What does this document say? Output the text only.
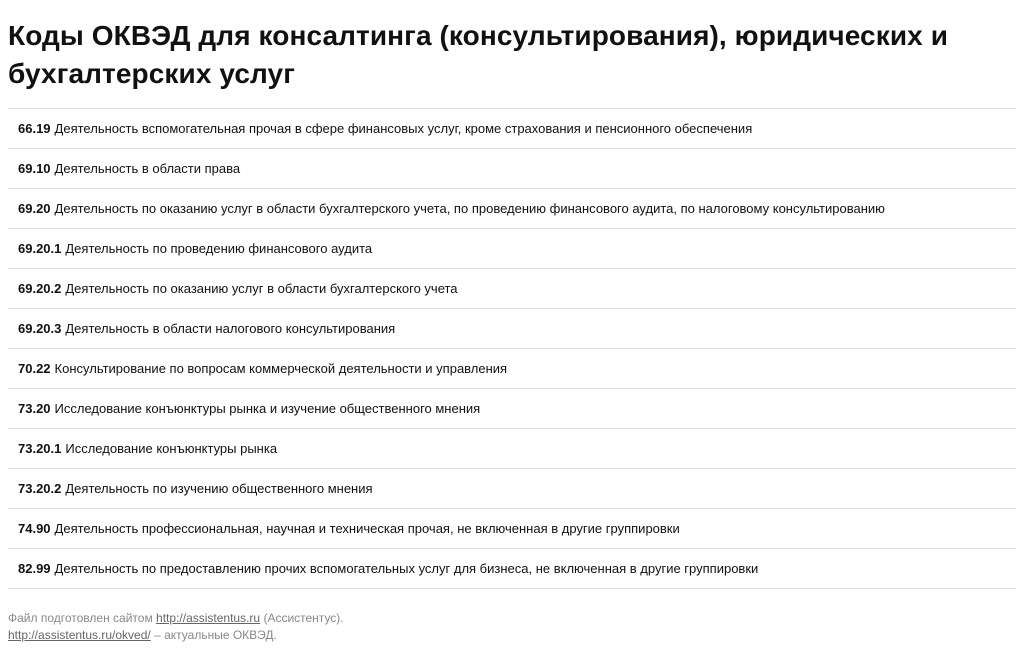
Коды ОКВЭД для консалтинга (консультирования), юридических и бухгалтерских услуг
66.19 Деятельность вспомогательная прочая в сфере финансовых услуг, кроме страхования и пенсионного обеспечения
69.10 Деятельность в области права
69.20 Деятельность по оказанию услуг в области бухгалтерского учета, по проведению финансового аудита, по налоговому консультированию
69.20.1 Деятельность по проведению финансового аудита
69.20.2 Деятельность по оказанию услуг в области бухгалтерского учета
69.20.3 Деятельность в области налогового консультирования
70.22 Консультирование по вопросам коммерческой деятельности и управления
73.20 Исследование конъюнктуры рынка и изучение общественного мнения
73.20.1 Исследование конъюнктуры рынка
73.20.2 Деятельность по изучению общественного мнения
74.90 Деятельность профессиональная, научная и техническая прочая, не включенная в другие группировки
82.99 Деятельность по предоставлению прочих вспомогательных услуг для бизнеса, не включенная в другие группировки
Файл подготовлен сайтом http://assistentus.ru (Ассистентус).
http://assistentus.ru/okved/ – актуальные ОКВЭД.
